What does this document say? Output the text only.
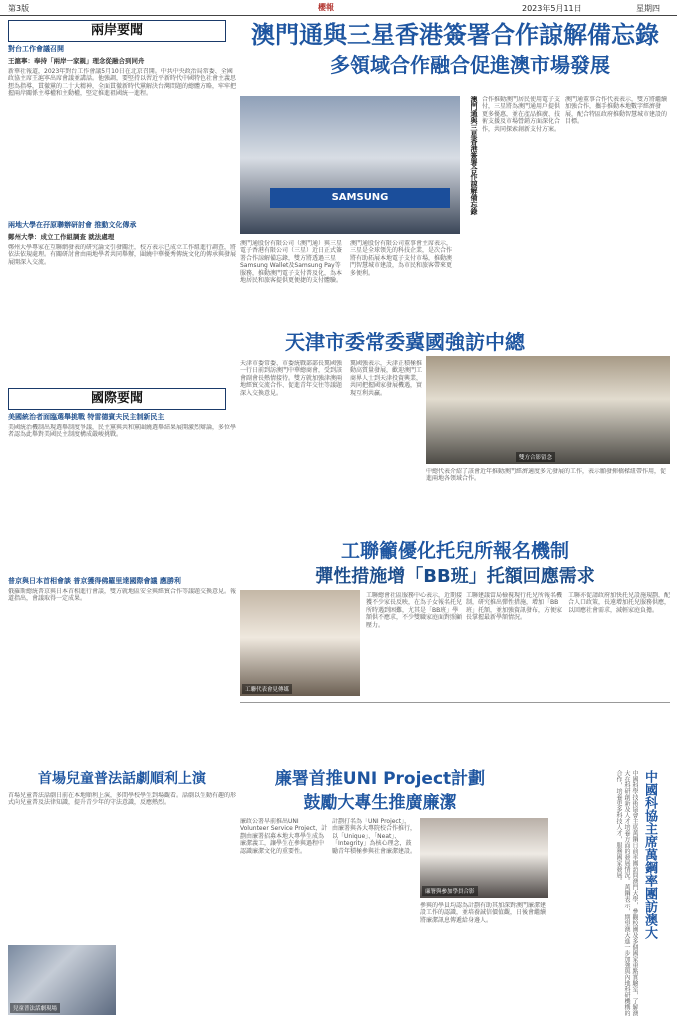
第3版	櫻報	2023年5月11日	星期四
兩岸要聞
對台工作會議召開
王滬寧：奉持「兩岸一家親」理念從融合到同舟
新華社報道，2023年對台工作會議5月10日在北京召開。中共中央政治局常委、全國政協主席王滬寧出席會議並講話。他強調，要堅持以習近平新時代中國特色社會主義思想為指導，貫徹黨的二十大精神，全面貫徹新時代黨解決台灣問題的總體方略，牢牢把握兩岸關係主導權和主動權，堅定推進祖國統一進程。
兩地大學在孖原聯辦研討會 推動文化傳承
鄭州大學：成立工作組調查 就法處理
鄭州大學專家在互聯網發表的研究論文引發關注，校方表示已成立工作組進行調查，將依法依規處理。有關研討會由兩地學者共同舉辦，圍繞中華優秀傳統文化的傳承與發展展開深入交流。
國際要聞
美國統治者面臨選舉挑戰 特雷德賓夫民主制新民主
美國統治機制出現選舉制度爭議，民主黨與共和黨圍繞選舉結果展開激烈辯論，多位學者認為此舉對美國民主制度構成嚴峻挑戰。
普京與日本首相會談 普京獲得佛羅里達國際會議 應勝利
俄羅斯總統普京與日本首相進行會談，雙方就地區安全與經貿合作等議題交換意見。報道指出，會議取得一定成果。
首場兒童普法話劇順利上演
首場兒童普法話劇日前在本地順利上演，多間學校學生到場觀看。話劇以生動有趣的形式向兒童普及法律知識，提升青少年的守法意識，反應熱烈。
兒童普法話劇現場
澳門通與三星香港簽署合作諒解備忘錄
多領域合作融合促進澳市場發展
SAMSUNG	澳門通與三星香港簽署合作諒解備忘錄
澳門通股份有限公司（澳門通）與三星電子香港有限公司（三星）近日正式簽署合作諒解備忘錄，雙方將透過三星Samsung Wallet及Samsung Pay等服務，推動澳門電子支付普及化，為本地居民和旅客提供更便捷的支付體驗。
澳門通股份有限公司董事會主席表示，三星是全球領先的科技企業，是次合作將有助拓展本地電子支付市場，推動澳門智慧城市建設，為市民和旅客帶來更多便利。
合作推動澳門居民使用電子支付，三星將為澳門通用戶提供更多優惠，並在產品推廣、技術支援及市場營銷方面深化合作，共同探索創新支付方案。
澳門通董事合作代表表示，雙方將繼續加強合作，攜手推動本地數字經濟發展，配合特區政府推動智慧城市建設的目標。
天津市委常委冀國強訪中總
天津市委常委、市委統戰部部長冀國強一行日前到訪澳門中華總商會，受到該會副會長熱情接待。雙方就加強津澳兩地經貿交流合作、促進青年交往等議題深入交換意見。
冀國強表示，天津正積極推動高質量發展，歡迎澳門工商界人士到天津投資興業，共同把握國家發展機遇，實現互利共贏。
雙方合影留念
中總代表介紹了該會近年推動澳門經濟適度多元發展的工作，表示願發揮橋樑紐帶作用，促進兩地各領域合作。
工聯籲優化托兒所報名機制
彈性措施增「BB班」托額回應需求
工聯代表會見傳媒
工聯總會社區服務中心表示，近期接獲不少家長反映，在為子女報名托兒所時遇到困難，尤其是「BB班」學額供不應求，不少雙職家庭面對照顧壓力。
工聯建議當局檢視現行托兒所報名機制，研究推出彈性措施，增加「BB班」托額，並加強資訊發布，方便家長掌握最新學額情況。
工聯亦促請政府加快托兒設施規劃，配合人口政策，長遠增加托兒服務供應，以回應社會需求，減輕家庭負擔。
廉署首推UNI Project計劃
鼓勵大專生推廣廉潔
廉政公署早前推出UNI Volunteer Service Project，計劃由廉署招募本地大專學生成為廉潔義工，讓學生在參與過程中認識廉潔文化的重要性。
計劃打名為「UNI Project」，由廉署與各大專院校合作推行，以「Unique」、「Neat」、「Integrity」為核心理念，鼓勵青年積極參與社會廉潔建設。
廉署與參加學員合影
參與的學員均認為計劃有助其加深對澳門廉潔建設工作的認識，並培養誠信價值觀，日後會繼續將廉潔訊息傳遞給身邊人。	中國科協主席萬鋼率團訪澳大
中國科學技術協會主席萬鋼日前率團訪問澳門大學，參觀校園及多個國家重點實驗室，了解澳大在科研創新及人才培養方面的發展情況。萬鋼表示，期望澳大進一步加強與內地科研機構的合作，培養更多科技人才，服務國家發展。
